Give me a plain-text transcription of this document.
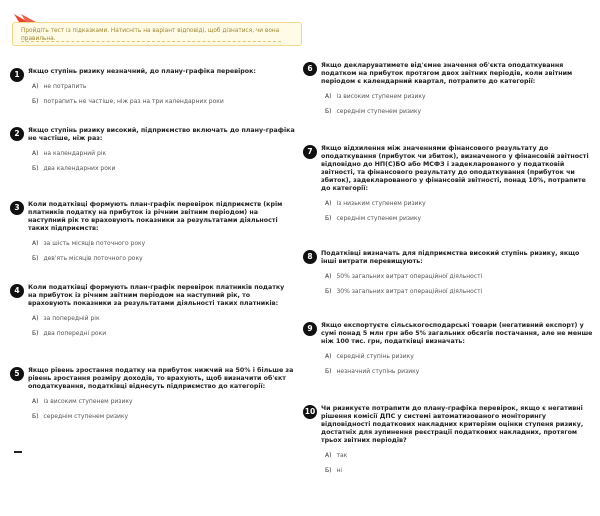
Пройдіть тест із підказками. Натисніть на варіант відповіді, щоб дізнатися, чи вона правильна.
1	Якщо ступінь ризику незначний, до плану-графіка перевірок:
А) не потрапить
Б) потрапить не частіше, ніж раз на три календарних роки
2	Якщо ступінь ризику високий, підприємство включать до плану-графіка не частіше, ніж раз:
А) на календарний рік
Б) два календарних роки
3	Коли податківці формують план-графік перевірок підприємств (крім платників податку на прибуток із річним звітним періодом) на наступний рік то враховують показники за результатами діяльності таких підприємств:
А) за шість місяців поточного року
Б) дев'ять місяців поточного року
4	Коли податківці формують план-графік перевірок платників податку на прибуток із річним звітним періодом на наступний рік, то враховують показники за результатами діяльності таких платників:
А) за попередній рік
Б) два попередні роки
5	Якщо рівень зростання податку на прибуток нижчий на 50% і більше за рівень зростання розміру доходів, то врахують, щоб визначити об'єкт оподаткування, податківці віднесуть підприємство до категорії:
А) із високим ступенем ризику
Б) середнім ступенем ризику
6	Якщо декларуватимете від'ємне значення об'єкта оподаткування податком на прибуток протягом двох звітних періодів, коли звітним періодом є календарний квартал, потрапите до категорії:
А) із високим ступенем ризику
Б) середнім ступенем ризику
7	Якщо відхилення між значеннями фінансового результату до оподаткування (прибуток чи збиток), визначеного у фінансовій звітності відповідно до НП(С)БО або МСФЗ і задекларованого у податковій звітності, та фінансового результату до оподаткування (прибуток чи збиток), задекларованого у фінансовій звітності, понад 10%, потрапите до категорії:
А) із низьким ступенем ризику
Б) середнім ступенем ризику
8	Податківці визначать для підприємства високий ступінь ризику, якщо інші витрати перевищують:
А) 50% загальних витрат операційної діяльності
Б) 30% загальних витрат операційної діяльності
9	Якщо експортуєте сільськогосподарські товари (негативний експорт) у сумі понад 5 млн грн або 5% загальних обсягів постачання, але не менше ніж 100 тис. грн, податківці визначать:
А) середній ступінь ризику
Б) незначний ступінь ризику
10 Чи ризикуєте потрапити до плану-графіка перевірок, якщо є негативні рішення комісії ДПС у системі автоматизованого моніторингу відповідності податкових накладних критеріям оцінки ступеня ризику, достатніх для зупинення реєстрації податкових накладних, протягом трьох звітних періодів?
А) так
Б) ні
